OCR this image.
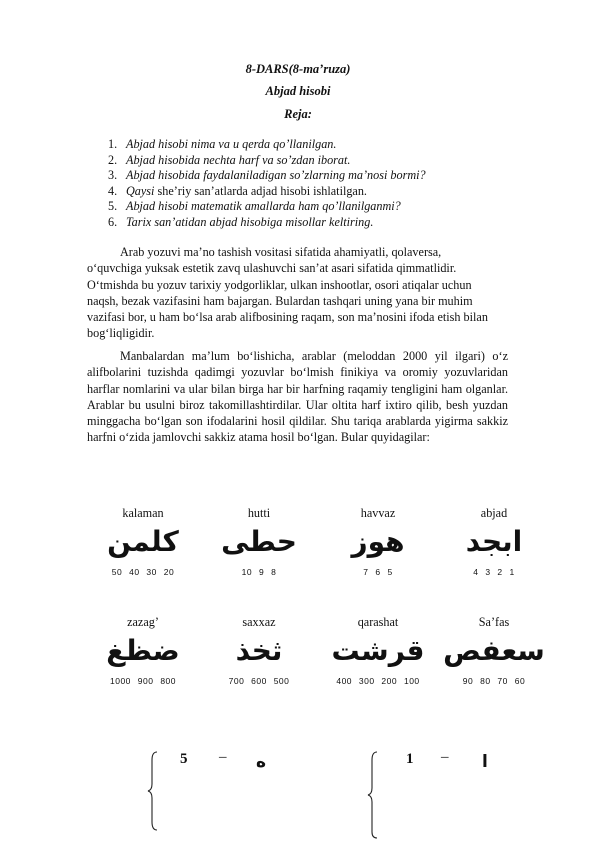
8-DARS(8-ma’ruza)
Abjad hisobi
Reja:
1. Abjad hisobi nima va u qerda qo’llanilgan.
2. Abjad hisobida nechta harf va so’zdan iborat.
3. Abjad hisobida faydalaniladigan so’zlarning ma’nosi bormi?
4. Qaysi she’riy san’atlarda adjad hisobi ishlatilgan.
5. Abjad hisobi matematik amallarda ham qo’llanilganmi?
6. Tarix san’atidan abjad hisobiga misollar keltiring.
Arab yozuvi ma’no tashish vositasi sifatida ahamiyatli, qolaversa,
o‘quvchiga yuksak estetik zavq ulashuvchi san’at asari sifatida qimmatlidir.
O‘tmishda bu yozuv tarixiy yodgorliklar, ulkan inshootlar, osori atiqalar uchun
naqsh, bezak vazifasini ham bajargan. Bulardan tashqari uning yana bir muhim
vazifasi bor, u ham bo‘lsa arab alifbosining raqam, son ma’nosini ifoda etish bilan
bog‘liqligidir.

Manbalardan ma’lum bo‘lishicha, arablar (meloddan 2000 yil ilgari) o‘z alifbolarini tuzishda qadimgi yozuvlar bo‘lmish finikiya va oromiy yozuvlaridan harflar nomlarini va ular bilan birga har bir harfning raqamiy tengligini ham olganlar. Arablar bu usulni biroz takomillashtirdilar. Ular oltita harf ixtiro qilib, besh yuzdan minggacha bo‘lgan son ifodalarini hosil qildilar. Shu tariqa arablarda yigirma sakkiz harfni o‘zida jamlovchi sakkiz atama hosil bo‘lgan. Bular quyidagilar:

kalaman
كلمن
50 40 30 20
hutti
حطى
10 9 8
havvaz
هوز
7 6 5
abjad
ابجد
4 3 2 1
zazag’
ضظغ
1000 900 800
saxxaz
ثخذ
700 600 500
qarashat
قرشت
400 300 200 100
Sa’fas
سعفص
90 80 70 60
5 – ه	1 – ا
